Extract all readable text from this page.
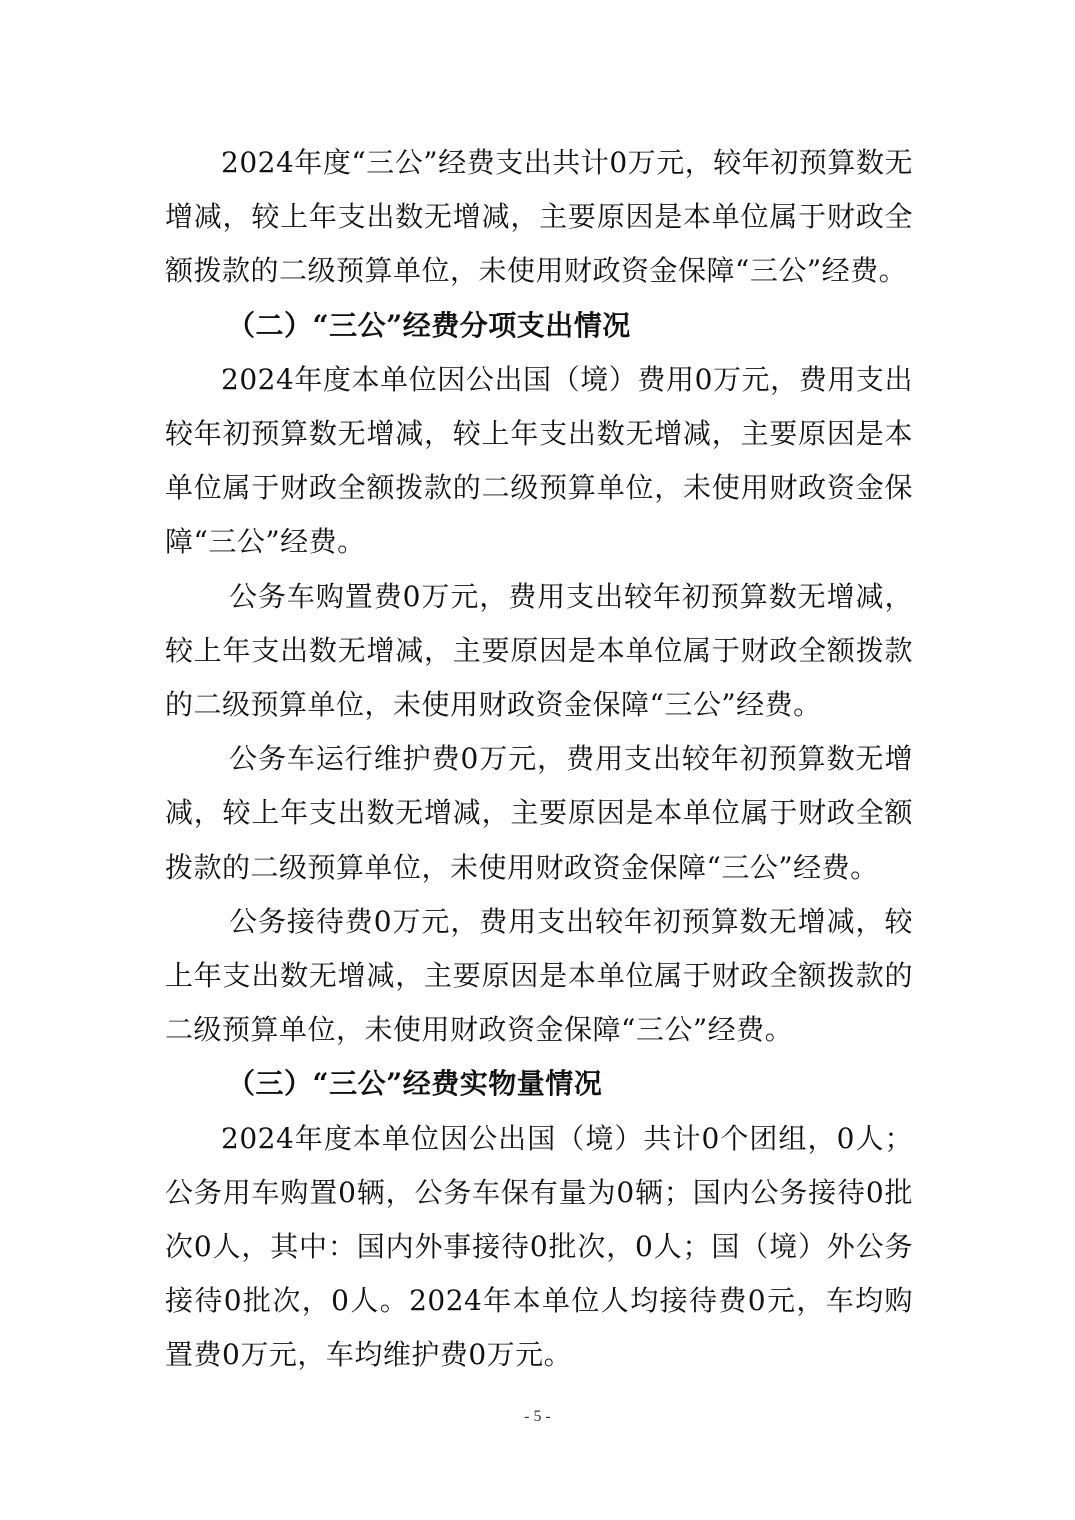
2024年度“三公”经费支出共计0万元，较年初预算数无增减，较上年支出数无增减，主要原因是本单位属于财政全额拨款的二级预算单位，未使用财政资金保障“三公”经费。

（二）“三公”经费分项支出情况

2024年度本单位因公出国（境）费用0万元，费用支出较年初预算数无增减，较上年支出数无增减，主要原因是本单位属于财政全额拨款的二级预算单位，未使用财政资金保障“三公”经费。

公务车购置费0万元，费用支出较年初预算数无增减，较上年支出数无增减，主要原因是本单位属于财政全额拨款的二级预算单位，未使用财政资金保障“三公”经费。

公务车运行维护费0万元，费用支出较年初预算数无增减，较上年支出数无增减，主要原因是本单位属于财政全额拨款的二级预算单位，未使用财政资金保障“三公”经费。

公务接待费0万元，费用支出较年初预算数无增减，较上年支出数无增减，主要原因是本单位属于财政全额拨款的二级预算单位，未使用财政资金保障“三公”经费。

（三）“三公”经费实物量情况

2024年度本单位因公出国（境）共计0个团组，0人；公务用车购置0辆，公务车保有量为0辆；国内公务接待0批次0人，其中：国内外事接待0批次，0人；国（境）外公务接待0批次，0人。2024年本单位人均接待费0元，车均购置费0万元，车均维护费0万元。

- 5 -
